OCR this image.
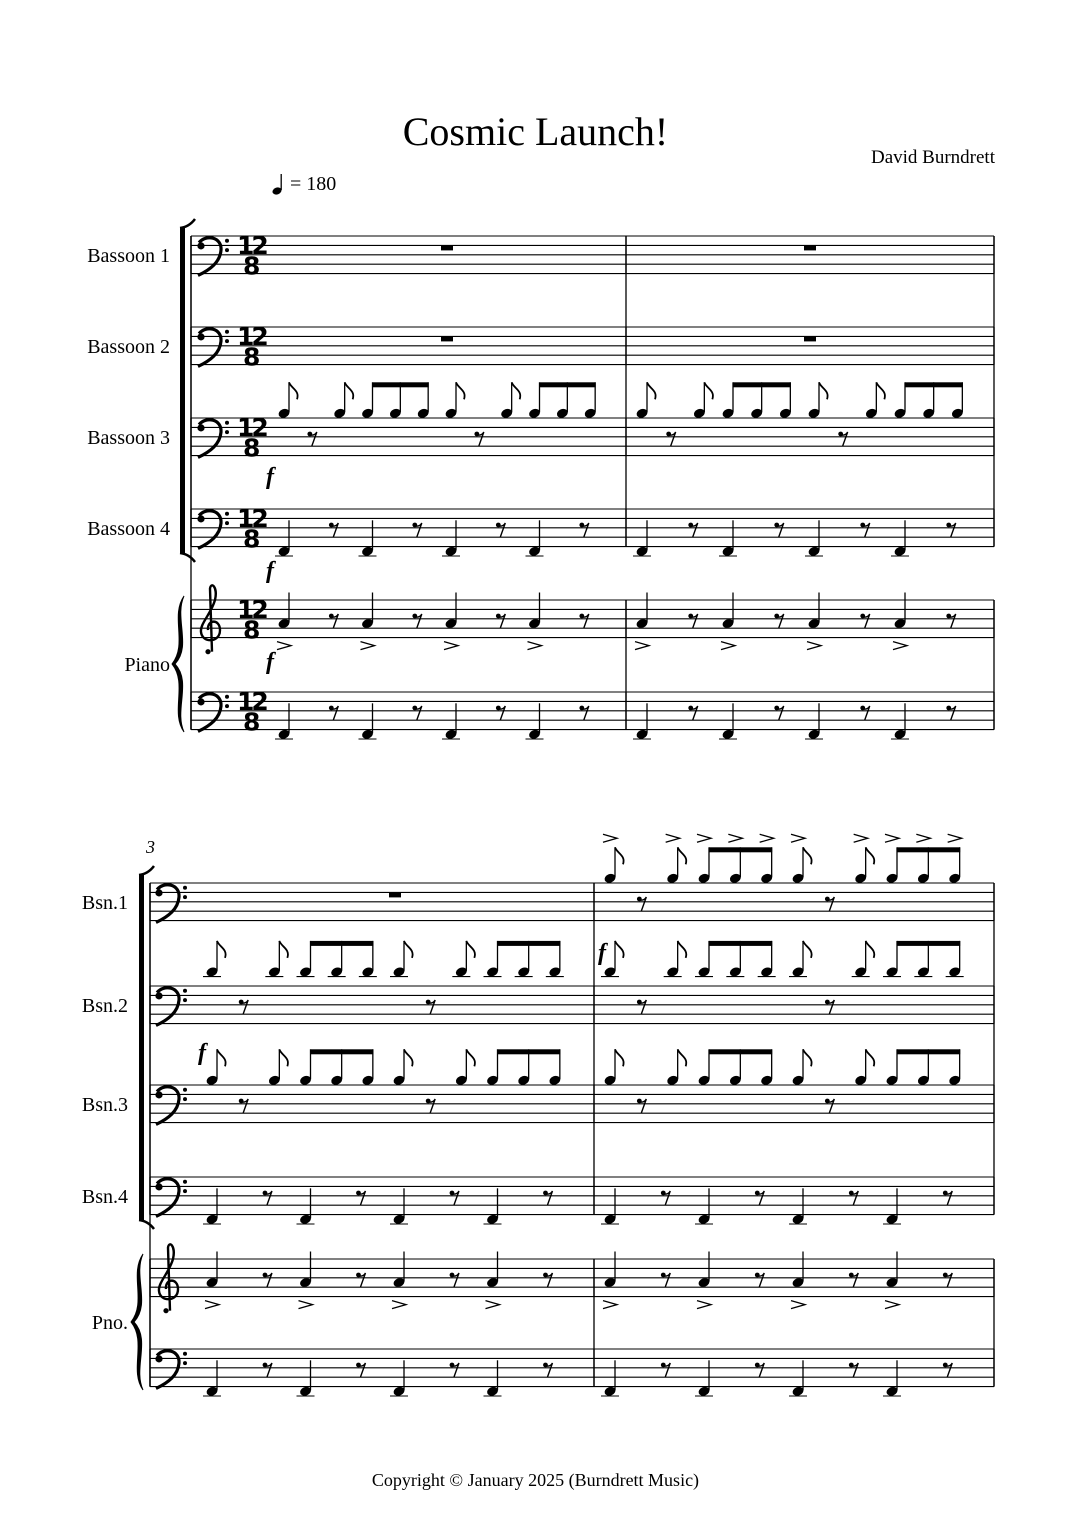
Cosmic Launch!
David Burndrett
= 180
12
8
12
8
12
8
12
8
12
8
12
8
Bassoon 1
Bassoon 2
Bassoon 3
Bassoon 4
Piano
Bsn.1
Bsn.2
Bsn.3
Bsn.4
Pno.
3
f
f
f
f
f
Copyright © January 2025 (Burndrett Music)
